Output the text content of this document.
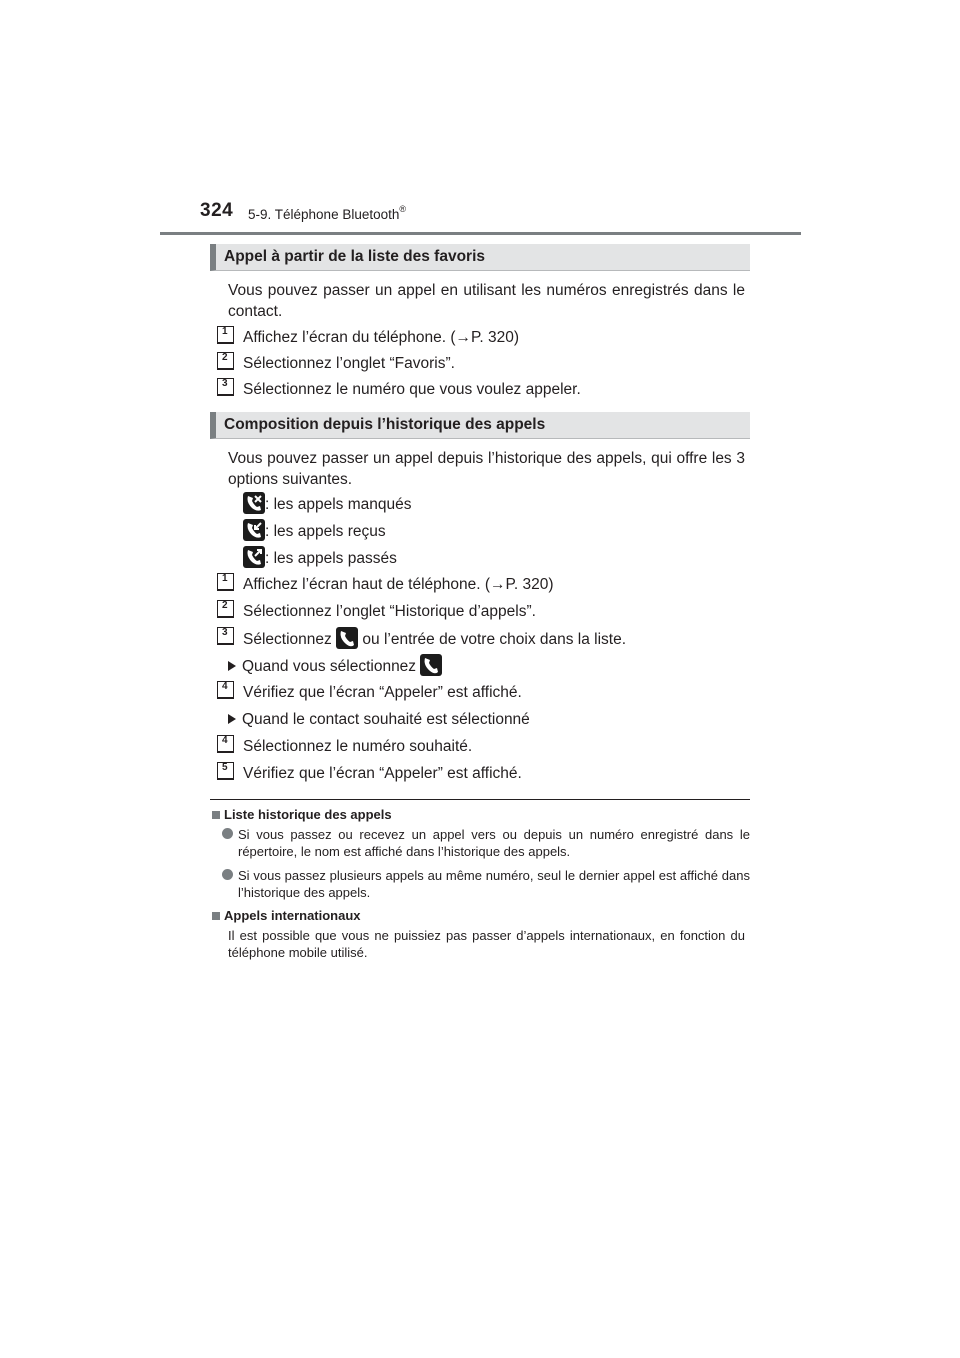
324 5-9. Téléphone Bluetooth®
Appel à partir de la liste des favoris
Vous pouvez passer un appel en utilisant les numéros enregistrés dans le contact.
1 Affichez l’écran du téléphone. (→P. 320)
2 Sélectionnez l’onglet “Favoris”.
3 Sélectionnez le numéro que vous voulez appeler.
Composition depuis l’historique des appels
Vous pouvez passer un appel depuis l’historique des appels, qui offre les 3 options suivantes.
: les appels manqués
: les appels reçus
: les appels passés
1 Affichez l’écran haut de téléphone. (→P. 320)
2 Sélectionnez l’onglet “Historique d’appels”.
3 Sélectionnez ou l’entrée de votre choix dans la liste.
Quand vous sélectionnez
4 Vérifiez que l’écran “Appeler” est affiché.
Quand le contact souhaité est sélectionné
4 Sélectionnez le numéro souhaité.
5 Vérifiez que l’écran “Appeler” est affiché.
Liste historique des appels
Si vous passez ou recevez un appel vers ou depuis un numéro enregistré dans le répertoire, le nom est affiché dans l’historique des appels.
Si vous passez plusieurs appels au même numéro, seul le dernier appel est affiché dans l’historique des appels.
Appels internationaux
Il est possible que vous ne puissiez pas passer d’appels internationaux, en fonction du téléphone mobile utilisé.
